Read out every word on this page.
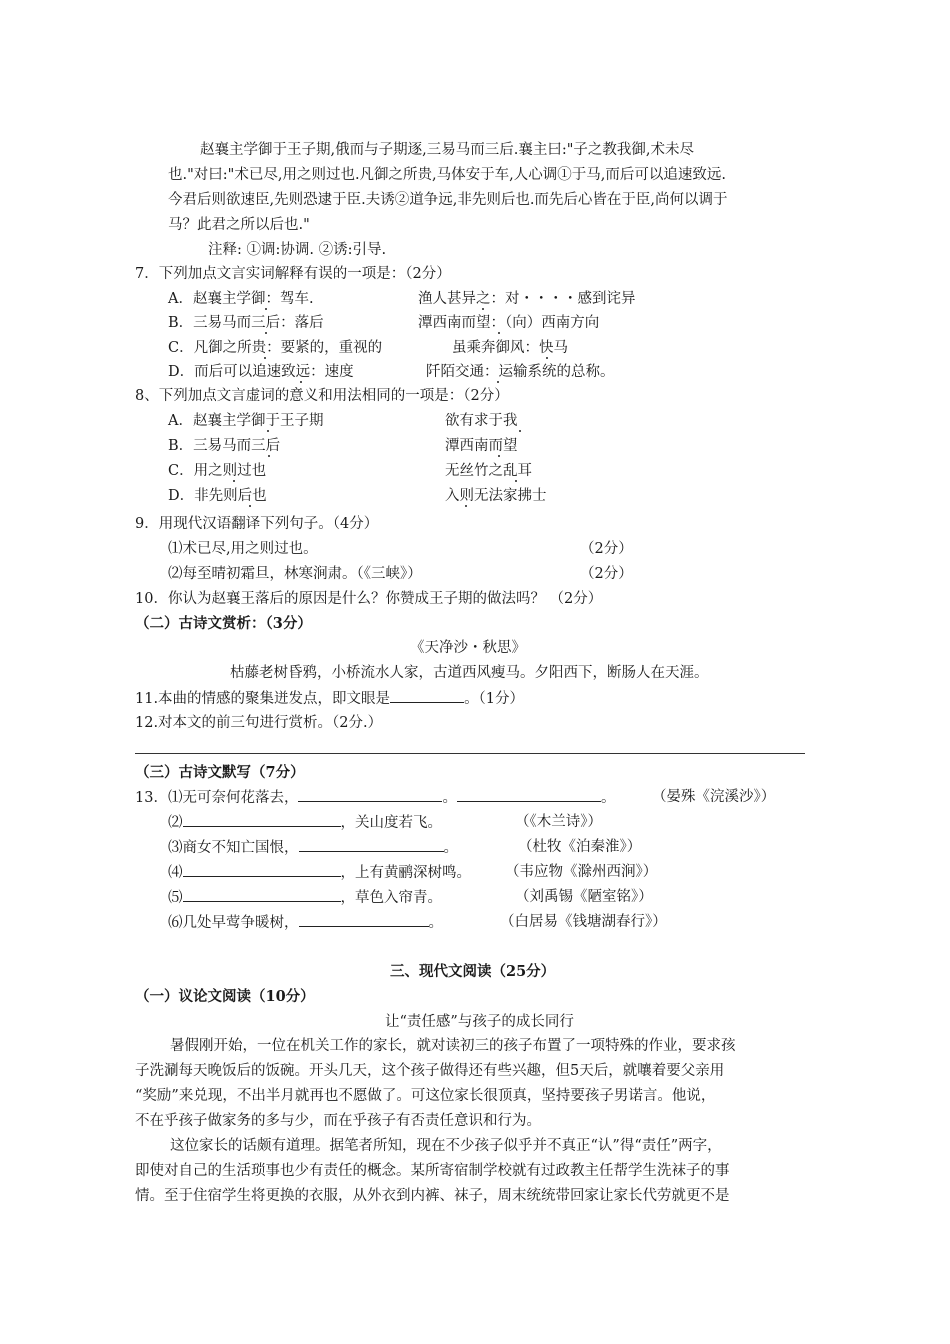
赵襄主学御于王子期,俄而与子期逐,三易马而三后.襄主曰:"子之教我御,术未尽
也."对曰:"术已尽,用之则过也.凡御之所贵,马体安于车,人心调①于马,而后可以追速致远.
今君后则欲速臣,先则恐逮于臣.夫诱②道争远,非先则后也.而先后心皆在于臣,尚何以调于
马？此君之所以后也."
注释: ①调:协调. ②诱:引导.
7．下列加点文言实词解释有误的一项是：（2分）
A．赵襄主学御：驾车.	渔人甚异之：对・・・・感到诧异
B．三易马而三后：落后	潭西南而望：（向）西南方向
C．凡御之所贵：要紧的，重视的	虽乘奔御风：快马
D．而后可以追速致远：速度	阡陌交通：运输系统的总称。
8、下列加点文言虚词的意义和用法相同的一项是：（2分）
A．赵襄主学御于王子期	欲有求于我
B．三易马而三后	潭西南而望
C．用之则过也	无丝竹之乱耳
D．非先则后也	入则无法家拂士
9．用现代汉语翻译下列句子。（4分）
⑴术已尽,用之则过也。	（2分）
⑵每至晴初霜旦，林寒涧肃。（《三峡》）	（2分）
10．你认为赵襄王落后的原因是什么？你赞成王子期的做法吗？ （2分）
（二）古诗文赏析：（3分）
《天净沙・秋思》
枯藤老树昏鸦，小桥流水人家，古道西风瘦马。夕阳西下，断肠人在天涯。
11.本曲的情感的聚集迸发点，即文眼是	。（1分）
12.对本文的前三句进行赏析。（2分.）
（三）古诗文默写（7分）
13．⑴无可奈何花落去，	。	。	（晏殊《浣溪沙》）
⑵	，关山度若飞。	（《木兰诗》）
⑶商女不知亡国恨，	。	（杜牧《泊秦淮》）
⑷	，上有黄鹂深树鸣。 （韦应物《滁州西涧》）
⑸	，草色入帘青。	（刘禹锡《陋室铭》）
⑹几处早莺争暖树，	。	（白居易《钱塘湖春行》）
三、现代文阅读（25分）
（一）议论文阅读（10分）
让“责任感”与孩子的成长同行
暑假刚开始，一位在机关工作的家长，就对读初三的孩子布置了一项特殊的作业，要求孩
子洗涮每天晚饭后的饭碗。开头几天，这个孩子做得还有些兴趣，但5天后，就嚷着要父亲用
“奖励”来兑现，不出半月就再也不愿做了。可这位家长很顶真，坚持要孩子男诺言。他说，
不在乎孩子做家务的多与少，而在乎孩子有否责任意识和行为。
这位家长的话颇有道理。据笔者所知，现在不少孩子似乎并不真正“认”得“责任”两字，
即使对自己的生活琐事也少有责任的概念。某所寄宿制学校就有过政教主任帮学生洗袜子的事
情。至于住宿学生将更换的衣服，从外衣到内裤、袜子，周末统统带回家让家长代劳就更不是
